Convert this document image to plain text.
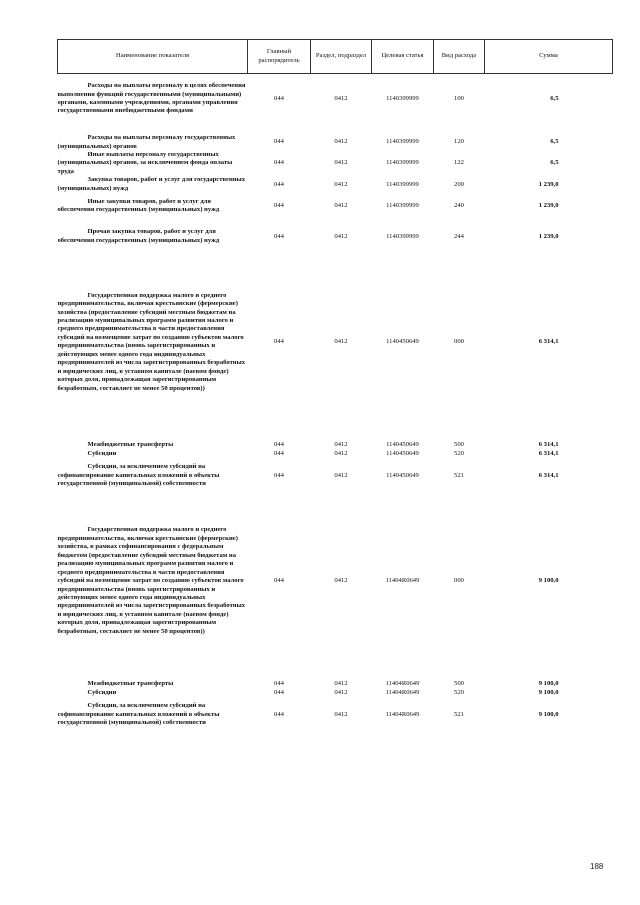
Наименование показателя	Главный распорядитель	Раздел, подраздел	Целевая статья	Вид расхода	Сумма
Расходы на выплаты персоналу в целях обеспечения выполнения функций государственными (муниципальными) органами, казенными учреждениями, органами управления государственными внебюджетными фондами	044	0412	1140399999	100	6,5

Расходы на выплаты персоналу государственных (муниципальных) органов	044	0412	1140399999	120	6,5
Иные выплаты персоналу государственных (муниципальных) органов, за исключением фонда оплаты труда	044	0412	1140399999	122	6,5
Закупка товаров, работ и услуг для государственных (муниципальных) нужд	044	0412	1140399999	200	1 239,0
Иные закупки товаров, работ и услуг для обеспечения государственных (муниципальных) нужд	044	0412	1140399999	240	1 239,0
Прочая закупка товаров, работ и услуг для обеспечения государственных (муниципальных) нужд	044	0412	1140399999	244	1 239,0
Государственная поддержка малого и среднего предпринимательства, включая крестьянские (фермерские) хозяйства (предоставление субсидий местным бюджетам на реализацию муниципальных программ развития малого и среднего предпринимательства в части предоставления субсидий на возмещение затрат по созданию субъектов малого предпринимательства (вновь зарегистрированных и действующих менее одного года индивидуальных предпринимателей из числа зарегистрированных безработных и юридических лиц, в уставном капитале (паевом фонде) которых доля, принадлежащая зарегистрированным безработным, составляет не менее 50 процентов))	044	0412	1140450649	000	6 314,1

Межбюджетные трансферты	044	0412	1140450649	500	6 314,1
Субсидии	044	0412	1140450649	520	6 314,1
Субсидии, за исключением субсидий на софинансирование капитальных вложений в объекты государственной (муниципальной) собственности	044	0412	1140450649	521	6 314,1
Государственная поддержка малого и среднего предпринимательства, включая крестьянские (фермерские) хозяйства, в рамках софинансирования с федеральным бюджетом (предоставление субсидий местным бюджетам на реализацию муниципальных программ развития малого и среднего предпринимательства в части предоставления субсидий на возмещение затрат по созданию субъектов малого предпринимательства (вновь зарегистрированных и действующих менее одного года индивидуальных предпринимателей из числа зарегистрированных безработных и юридических лиц, в уставном капитале (паевом фонде) которых доля, принадлежащая зарегистрированным безработным, составляет не менее 50 процентов))	044	0412	11404R0649	000	9 100,0

Межбюджетные трансферты	044	0412	11404R0649	500	9 100,0
Субсидии	044	0412	11404R0649	520	9 100,0
Субсидии, за исключением субсидий на софинансирование капитальных вложений в объекты государственной (муниципальной) собственности	044	0412	11404R0649	521	9 100,0
188
